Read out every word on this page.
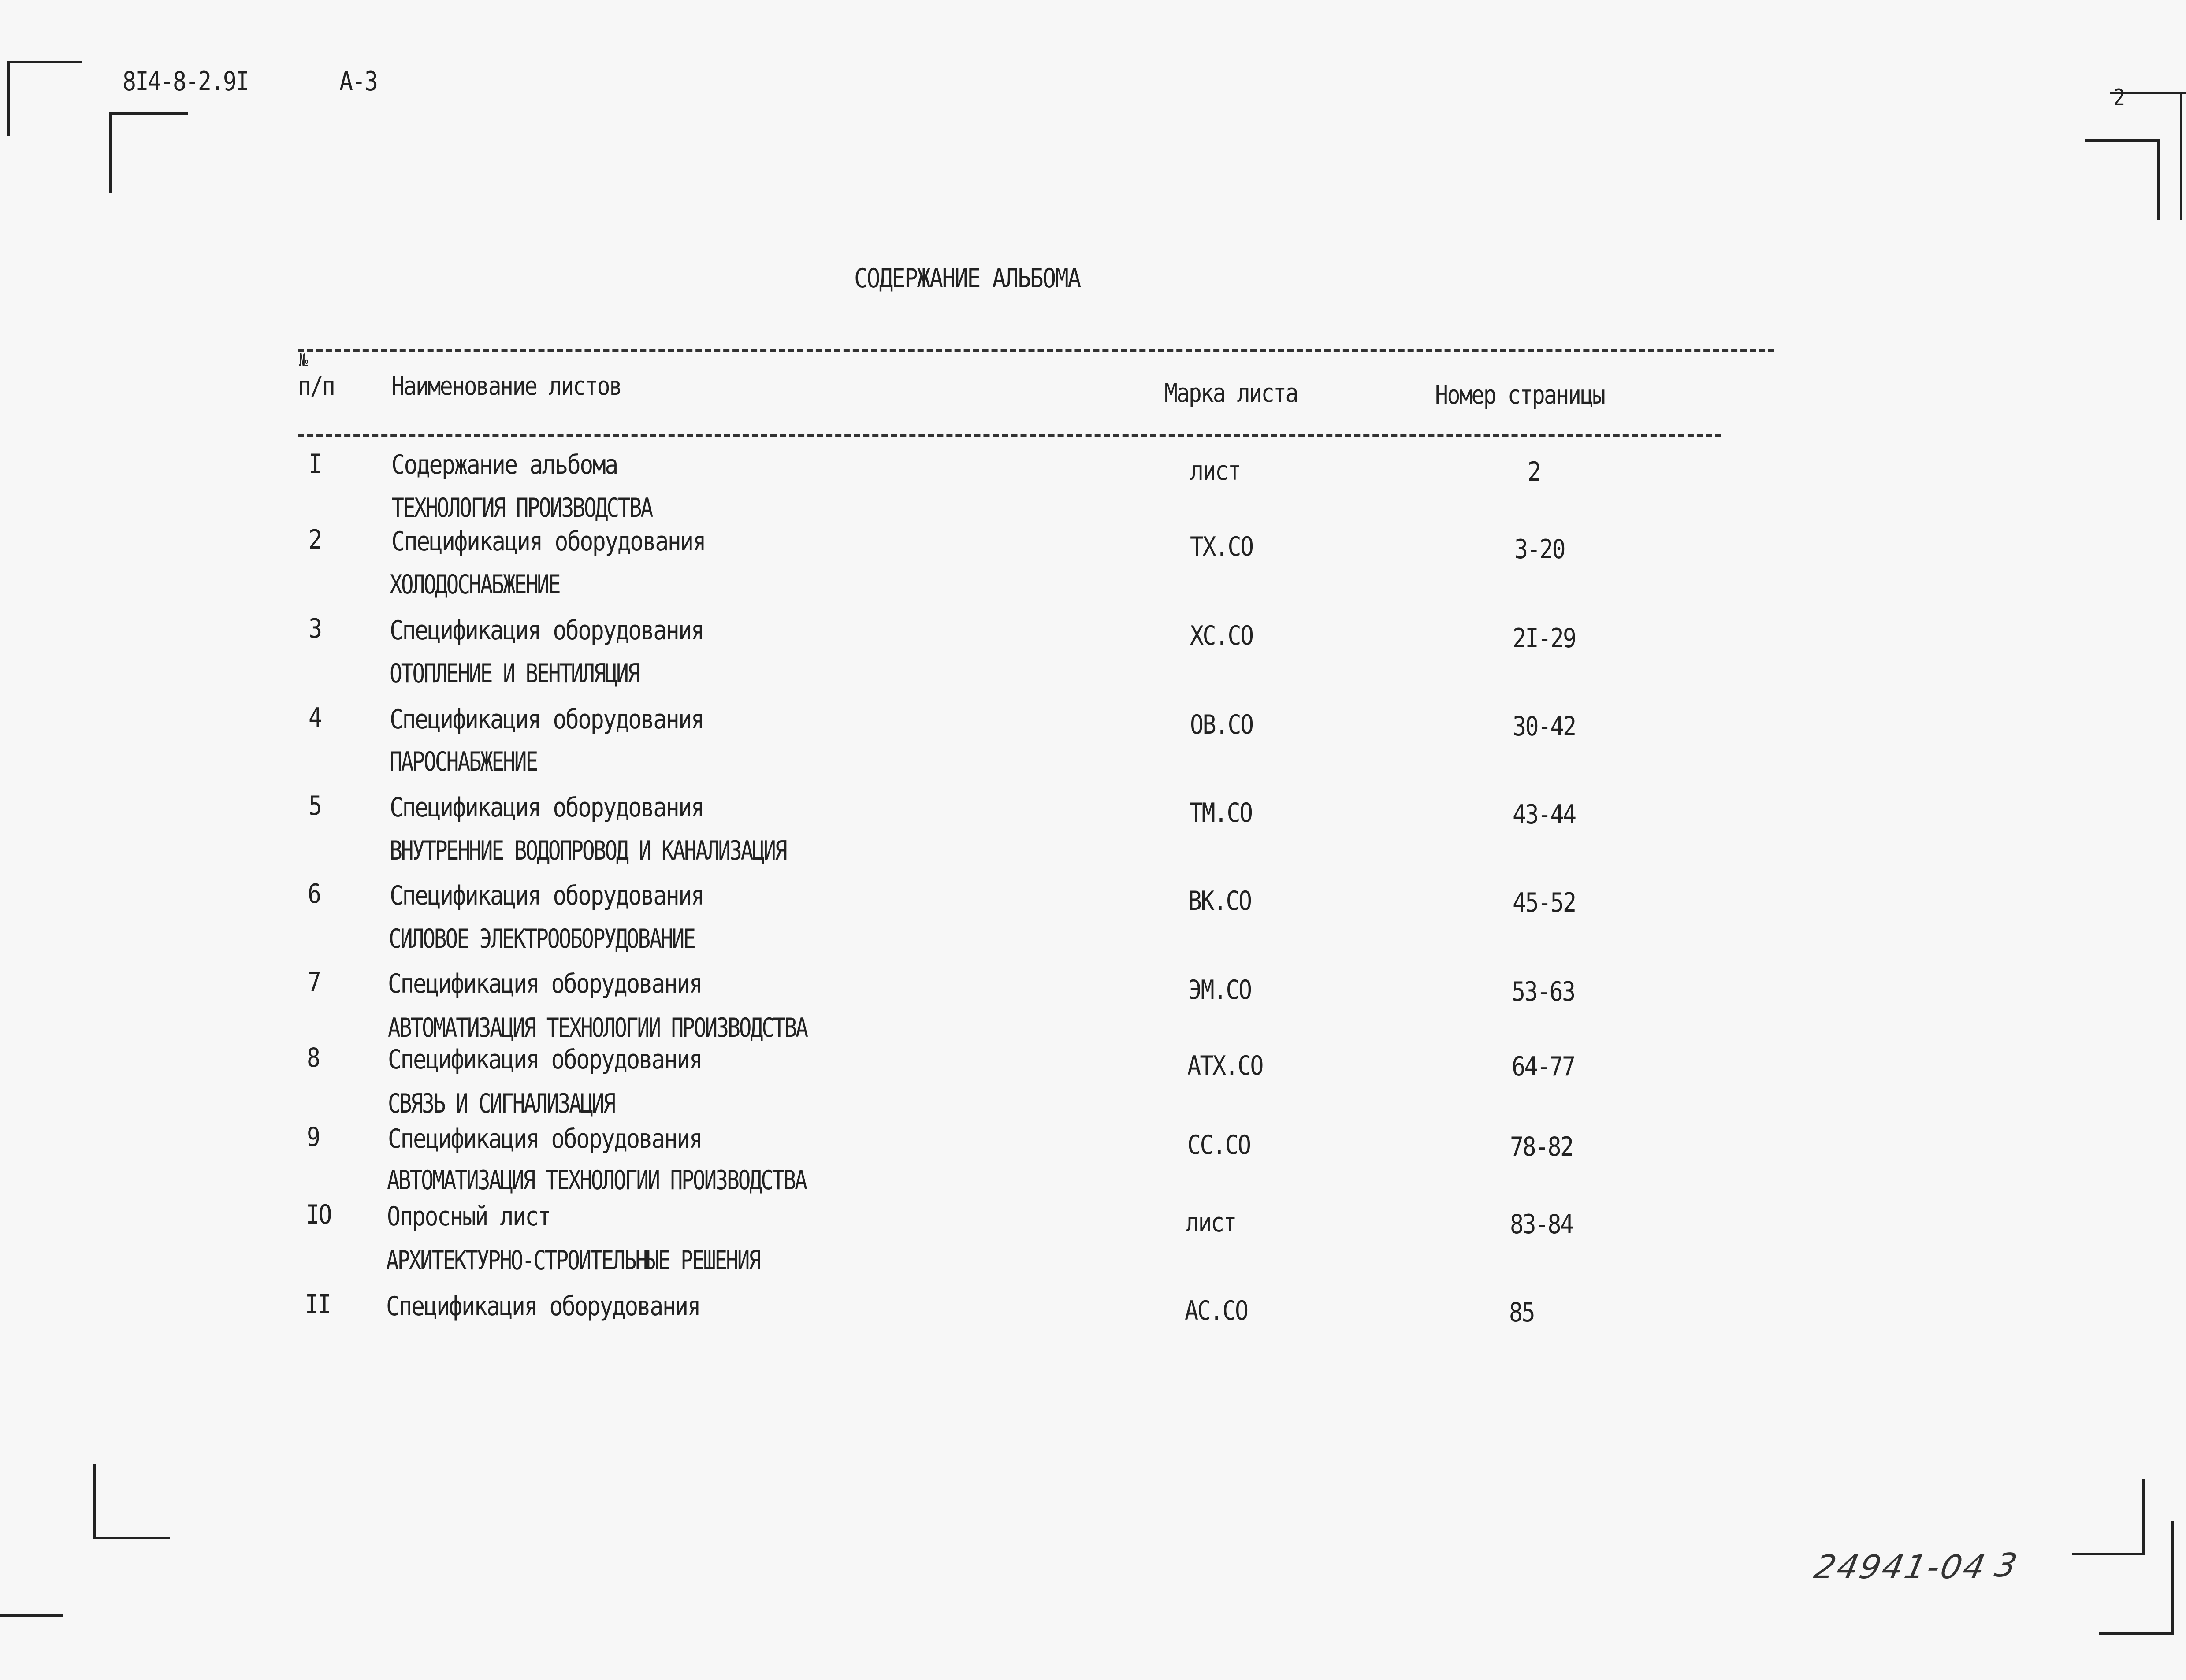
8I4-8-2.9I	A-3
2
СОДЕРЖАНИЕ АЛЬБОМА
№
п/п Наименование листов	Марка листа	Номер страницы
I	Содержание альбома	лист	2
ТЕХНОЛОГИЯ ПРОИЗВОДСТВА
2	Спецификация оборудования	ТХ.СО	3-20
ХОЛОДОСНАБЖЕНИЕ
3	Спецификация оборудования	ХС.СО	2I-29
ОТОПЛЕНИЕ И ВЕНТИЛЯЦИЯ
4	Спецификация оборудования	ОВ.СО	30-42
ПАРОСНАБЖЕНИЕ
5	Спецификация оборудования	ТМ.СО	43-44
ВНУТРЕННИЕ ВОДОПРОВОД И КАНАЛИЗАЦИЯ
6	Спецификация оборудования	ВК.СО	45-52
СИЛОВОЕ ЭЛЕКТРООБОРУДОВАНИЕ
7	Спецификация оборудования	ЭМ.СО	53-63
АВТОМАТИЗАЦИЯ ТЕХНОЛОГИИ ПРОИЗВОДСТВА
8	Спецификация оборудования	АТХ.СО	64-77
СВЯЗЬ И СИГНАЛИЗАЦИЯ
9	Спецификация оборудования	СС.СО	78-82
АВТОМАТИЗАЦИЯ ТЕХНОЛОГИИ ПРОИЗВОДСТВА
IO Опросный лист	лист	83-84
АРХИТЕКТУРНО-СТРОИТЕЛЬНЫЕ РЕШЕНИЯ
II Спецификация оборудования	АС.СО	85
24941-04 3
